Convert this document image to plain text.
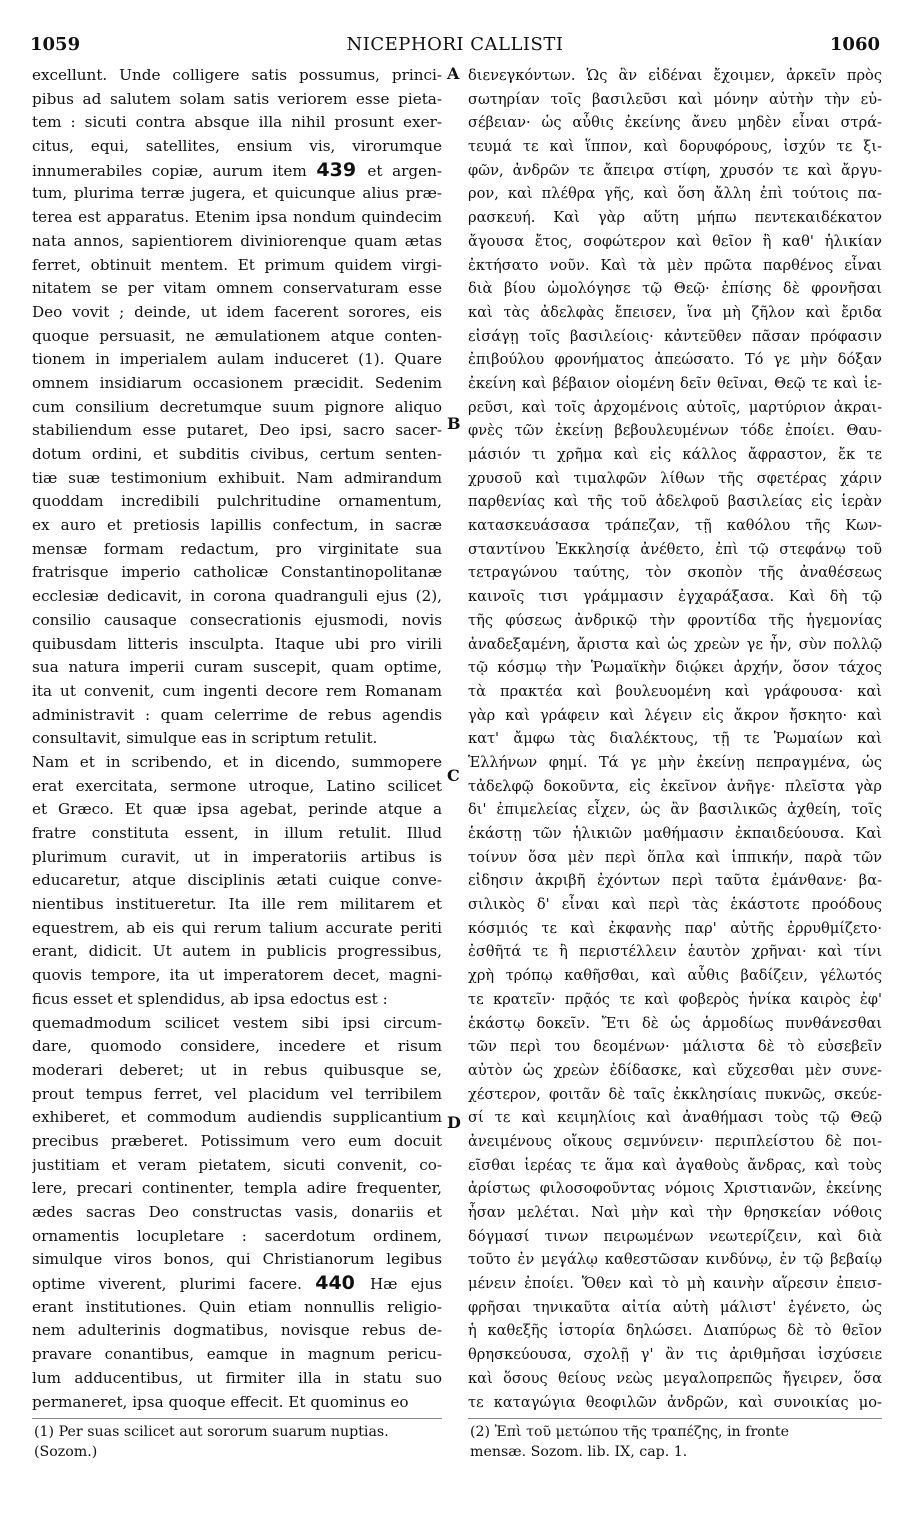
1059	NICEPHORI CALLISTI	1060
excellunt. Unde colligere satis possumus, princi-
pibus ad salutem solam satis veriorem esse pieta-
tem : sicuti contra absque illa nihil prosunt exer-
citus, equi, satellites, ensium vis, virorumque
innumerabiles copiæ, aurum item 439 et argen-
tum, plurima terræ jugera, et quicunque alius præ-
terea est apparatus. Etenim ipsa nondum quindecim
nata annos, sapientiorem diviniorenque quam ætas
ferret, obtinuit mentem. Et primum quidem virgi-
nitatem se per vitam omnem conservaturam esse
Deo vovit ; deinde, ut idem facerent sorores, eis
quoque persuasit, ne æmulationem atque conten-
tionem in imperialem aulam induceret (1). Quare
omnem insidiarum occasionem præcidit. Sedenim
cum consilium decretumque suum pignore aliquo
stabiliendum esse putaret, Deo ipsi, sacro sacer-
dotum ordini, et subditis civibus, certum senten-
tiæ suæ testimonium exhibuit. Nam admirandum
quoddam incredibili pulchritudine ornamentum,
ex auro et pretiosis lapillis confectum, in sacræ
mensæ formam redactum, pro virginitate sua
fratrisque imperio catholicæ Constantinopolitanæ
ecclesiæ dedicavit, in corona quadranguli ejus (2),
consilio causaque consecrationis ejusmodi, novis
quibusdam litteris insculpta. Itaque ubi pro virili
sua natura imperii curam suscepit, quam optime,
ita ut convenit, cum ingenti decore rem Romanam
administravit : quam celerrime de rebus agendis
consultavit, simulque eas in scriptum retulit.
Nam et in scribendo, et in dicendo, summopere
erat exercitata, sermone utroque, Latino scilicet
et Græco. Et quæ ipsa agebat, perinde atque a
fratre constituta essent, in illum retulit. Illud
plurimum curavit, ut in imperatoriis artibus is
educaretur, atque disciplinis ætati cuique conve-
nientibus institueretur. Ita ille rem militarem et
equestrem, ab eis qui rerum talium accurate periti
erant, didicit. Ut autem in publicis progressibus,
quovis tempore, ita ut imperatorem decet, magni-
ficus esset et splendidus, ab ipsa edoctus est :
quemadmodum scilicet vestem sibi ipsi circum-
dare, quomodo considere, incedere et risum
moderari deberet; ut in rebus quibusque se,
prout tempus ferret, vel placidum vel terribilem
exhiberet, et commodum audiendis supplicantium
precibus præberet. Potissimum vero eum docuit
justitiam et veram pietatem, sicuti convenit, co-
lere, precari continenter, templa adire frequenter,
ædes sacras Deo constructas vasis, donariis et
ornamentis locupletare : sacerdotum ordinem,
simulque viros bonos, qui Christianorum legibus
optime viverent, plurimi facere. 440 Hæ ejus
erant institutiones. Quin etiam nonnullis religio-
nem adulterinis dogmatibus, novisque rebus de-
pravare conantibus, eamque in magnum pericu-
lum adducentibus, ut firmiter illa in statu suo
permaneret, ipsa quoque effecit. Et quominus eo
διενεγκόντων. Ὡς ἂν εἰδέναι ἔχοιμεν, ἀρκεῖν πρὸς
σωτηρίαν τοῖς βασιλεῦσι καὶ μόνην αὐτὴν τὴν εὐ-
σέβειαν· ὡς αὖθις ἐκείνης ἄνευ μηδὲν εἶναι στρά-
τευμά τε καὶ ἵππον, καὶ δορυφόρους, ἰσχύν τε ξι-
φῶν, ἀνδρῶν τε ἄπειρα στίφη, χρυσόν τε καὶ ἄργυ-
ρον, καὶ πλέθρα γῆς, καὶ ὅση ἄλλη ἐπὶ τούτοις πα-
ρασκευή. Καὶ γὰρ αὕτη μήπω πεντεκαιδέκατον
ἄγουσα ἔτος, σοφώτερον καὶ θεῖον ἢ καθ' ἡλικίαν
ἐκτήσατο νοῦν. Καὶ τὰ μὲν πρῶτα παρθένος εἶναι
διὰ βίου ὡμολόγησε τῷ Θεῷ· ἐπίσης δὲ φρονῆσαι
καὶ τὰς ἀδελφὰς ἔπεισεν, ἵνα μὴ ζῆλον καὶ ἔριδα
εἰσάγῃ τοῖς βασιλείοις· κἀντεῦθεν πᾶσαν πρόφασιν
ἐπιβούλου φρονήματος ἀπεώσατο. Τό γε μὴν δόξαν
ἐκείνη καὶ βέβαιον οἰομένη δεῖν θεῖναι, Θεῷ τε καὶ ἱε-
ρεῦσι, καὶ τοῖς ἀρχομένοις αὐτοῖς, μαρτύριον ἀκραι-
φνὲς τῶν ἐκείνῃ βεβουλευμένων τόδε ἐποίει. Θαυ-
μάσιόν τι χρῆμα καὶ εἰς κάλλος ἄφραστον, ἔκ τε
χρυσοῦ καὶ τιμαλφῶν λίθων τῆς σφετέρας χάριν
παρθενίας καὶ τῆς τοῦ ἀδελφοῦ βασιλείας εἰς ἱερὰν
κατασκευάσασα τράπεζαν, τῇ καθόλου τῆς Κων-
σταντίνου Ἐκκλησίᾳ ἀνέθετο, ἐπὶ τῷ στεφάνῳ τοῦ
τετραγώνου ταύτης, τὸν σκοπὸν τῆς ἀναθέσεως
καινοῖς τισι γράμμασιν ἐγχαράξασα. Καὶ δὴ τῷ
τῆς φύσεως ἀνδρικῷ τὴν φροντίδα τῆς ἡγεμονίας
ἀναδεξαμένη, ἄριστα καὶ ὡς χρεὼν γε ἦν, σὺν πολλῷ
τῷ κόσμῳ τὴν Ῥωμαϊκὴν διῴκει ἀρχήν, ὅσον τάχος
τὰ πρακτέα καὶ βουλευομένη καὶ γράφουσα· καὶ
γὰρ καὶ γράφειν καὶ λέγειν εἰς ἄκρον ἤσκητο· καὶ
κατ' ἄμφω τὰς διαλέκτους, τῇ τε Ῥωμαίων καὶ
Ἑλλήνων φημί. Τά γε μὴν ἐκείνῃ πεπραγμένα, ὡς
τἀδελφῷ δοκοῦντα, εἰς ἐκεῖνον ἀνῆγε· πλεῖστα γὰρ
δι' ἐπιμελείας εἶχεν, ὡς ἂν βασιλικῶς ἀχθείη, τοῖς
ἑκάστῃ τῶν ἡλικιῶν μαθήμασιν ἐκπαιδεύουσα. Καὶ
τοίνυν ὅσα μὲν περὶ ὅπλα καὶ ἱππικήν, παρὰ τῶν
εἰδησιν ἀκριβῆ ἐχόντων περὶ ταῦτα ἐμάνθανε· βα-
σιλικὸς δ' εἶναι καὶ περὶ τὰς ἑκάστοτε προόδους
κόσμιός τε καὶ ἐκφανὴς παρ' αὐτῆς ἐρρυθμίζετο·
ἐσθῆτά τε ἢ περιστέλλειν ἑαυτὸν χρῆναι· καὶ τίνι
χρὴ τρόπῳ καθῆσθαι, καὶ αὖθις βαδίζειν, γέλωτός
τε κρατεῖν· πρᾷός τε καὶ φοβερὸς ἡνίκα καιρὸς ἐφ'
ἑκάστῳ δοκεῖν. Ἔτι δὲ ὡς ἁρμοδίως πυνθάνεσθαι
τῶν περὶ του δεομένων· μάλιστα δὲ τὸ εὐσεβεῖν
αὐτὸν ὡς χρεὼν ἐδίδασκε, καὶ εὔχεσθαι μὲν συνε-
χέστερον, φοιτᾶν δὲ ταῖς ἐκκλησίαις πυκνῶς, σκεύε-
σί τε καὶ κειμηλίοις καὶ ἀναθήμασι τοὺς τῷ Θεῷ
ἀνειμένους οἴκους σεμνύνειν· περιπλείστου δὲ ποι-
εῖσθαι ἱερέας τε ἅμα καὶ ἀγαθοὺς ἄνδρας, καὶ τοὺς
ἀρίστως φιλοσοφοῦντας νόμοις Χριστιανῶν, ἐκείνης
ἦσαν μελέται. Ναὶ μὴν καὶ τὴν θρησκείαν νόθοις
δόγμασί τινων πειρωμένων νεωτερίζειν, καὶ διὰ
τοῦτο ἐν μεγάλῳ καθεστῶσαν κινδύνῳ, ἐν τῷ βεβαίῳ
μένειν ἐποίει. Ὅθεν καὶ τὸ μὴ καινὴν αἵρεσιν ἐπεισ-
φρῆσαι τηνικαῦτα αἰτία αὐτὴ μάλιστ' ἐγένετο, ὡς
ἡ καθεξῆς ἱστορία δηλώσει. Διαπύρως δὲ τὸ θεῖον
θρησκεύουσα, σχολῇ γ' ἂν τις ἀριθμῆσαι ἰσχύσειε
καὶ ὅσους θείους νεὼς μεγαλοπρεπῶς ἤγειρεν, ὅσα
τε καταγώγια θεοφιλῶν ἀνδρῶν, καὶ συνοικίας μο-
A
B
C
D
(1) Per suas scilicet aut sororum suarum nuptias.
(Sozom.)
(2) Ἐπὶ τοῦ μετώπου τῆς τραπέζης, in fronte
mensæ. Sozom. lib. IX, cap. 1.
